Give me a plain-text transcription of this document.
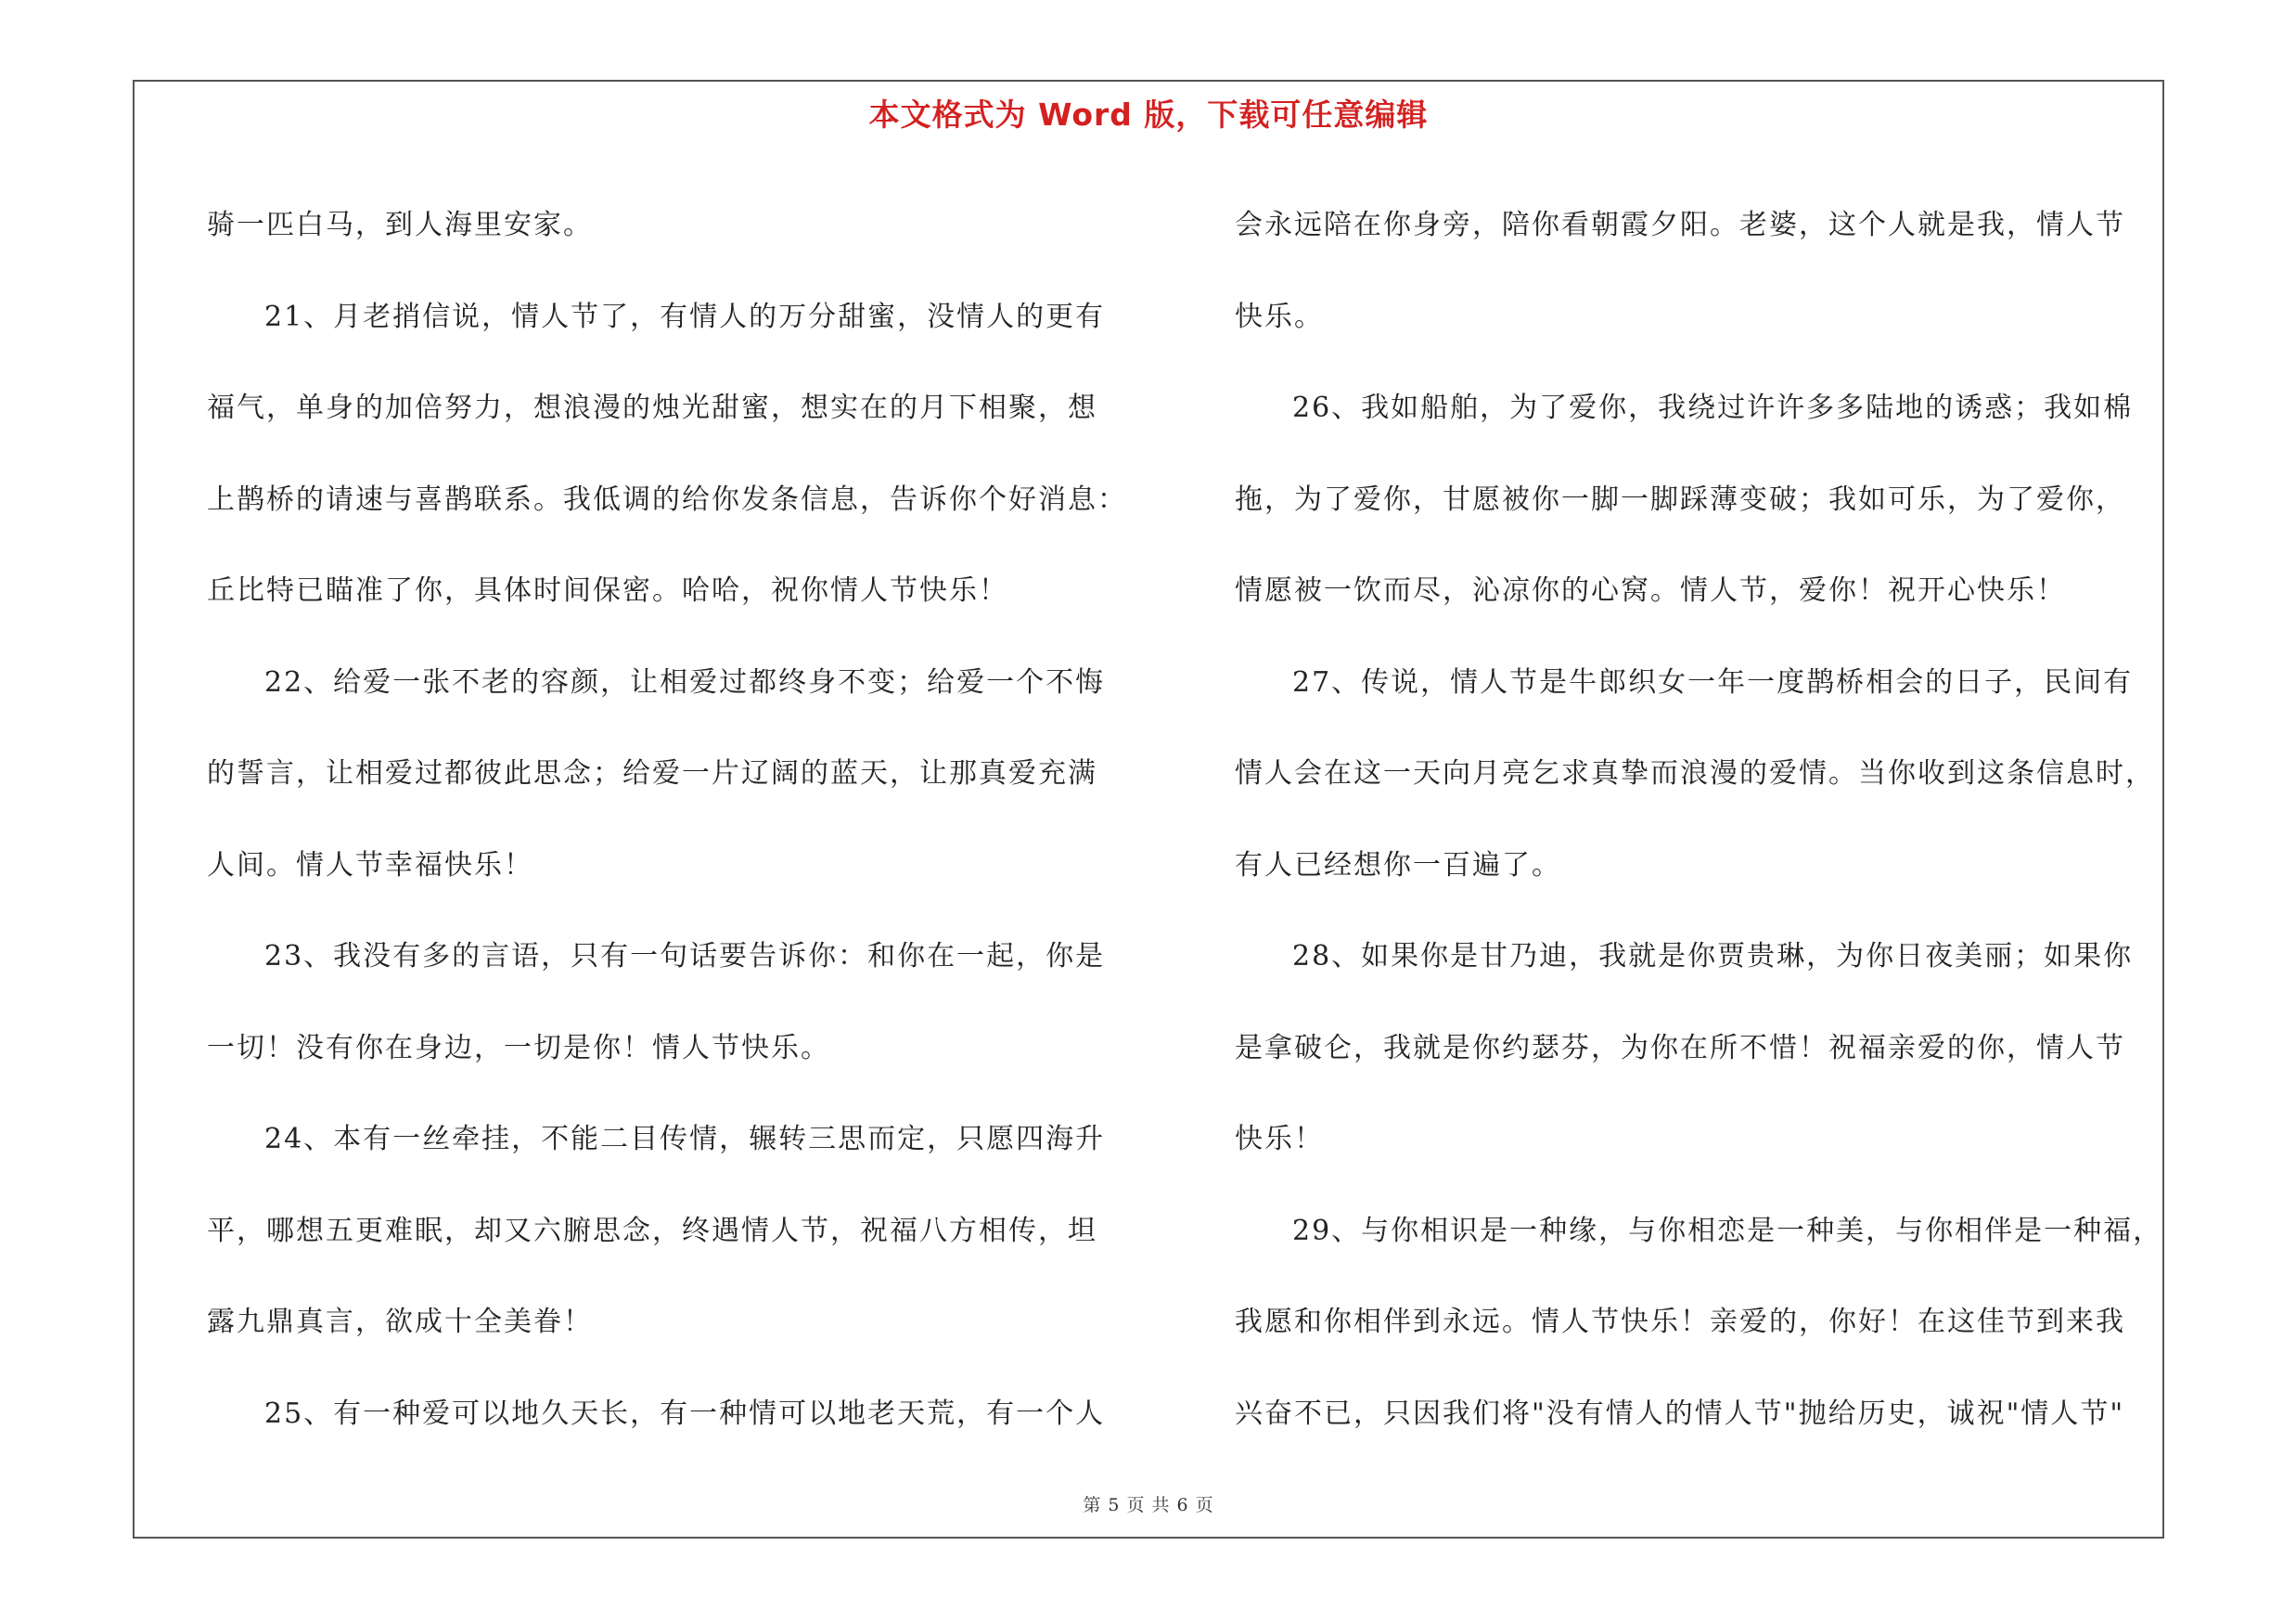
本文格式为 Word 版，下载可任意编辑
骑一匹白马，到人海里安家。
21、月老捎信说，情人节了，有情人的万分甜蜜，没情人的更有
福气，单身的加倍努力，想浪漫的烛光甜蜜，想实在的月下相聚，想
上鹊桥的请速与喜鹊联系。我低调的给你发条信息，告诉你个好消息：
丘比特已瞄准了你，具体时间保密。哈哈，祝你情人节快乐！
22、给爱一张不老的容颜，让相爱过都终身不变；给爱一个不悔
的誓言，让相爱过都彼此思念；给爱一片辽阔的蓝天，让那真爱充满
人间。情人节幸福快乐！
23、我没有多的言语，只有一句话要告诉你：和你在一起，你是
一切！没有你在身边，一切是你！情人节快乐。
24、本有一丝牵挂，不能二目传情，辗转三思而定，只愿四海升
平，哪想五更难眠，却又六腑思念，终遇情人节，祝福八方相传，坦
露九鼎真言，欲成十全美眷！
25、有一种爱可以地久天长，有一种情可以地老天荒，有一个人
会永远陪在你身旁，陪你看朝霞夕阳。老婆，这个人就是我，情人节
快乐。
26、我如船舶，为了爱你，我绕过许许多多陆地的诱惑；我如棉
拖，为了爱你，甘愿被你一脚一脚踩薄变破；我如可乐，为了爱你，
情愿被一饮而尽，沁凉你的心窝。情人节，爱你！祝开心快乐！
27、传说，情人节是牛郎织女一年一度鹊桥相会的日子，民间有
情人会在这一天向月亮乞求真挚而浪漫的爱情。当你收到这条信息时，
有人已经想你一百遍了。
28、如果你是甘乃迪，我就是你贾贵琳，为你日夜美丽；如果你
是拿破仑，我就是你约瑟芬，为你在所不惜！祝福亲爱的你，情人节
快乐！
29、与你相识是一种缘，与你相恋是一种美，与你相伴是一种福，
我愿和你相伴到永远。情人节快乐！亲爱的，你好！在这佳节到来我
兴奋不已，只因我们将"没有情人的情人节"抛给历史，诚祝"情人节"
第 5 页 共 6 页
